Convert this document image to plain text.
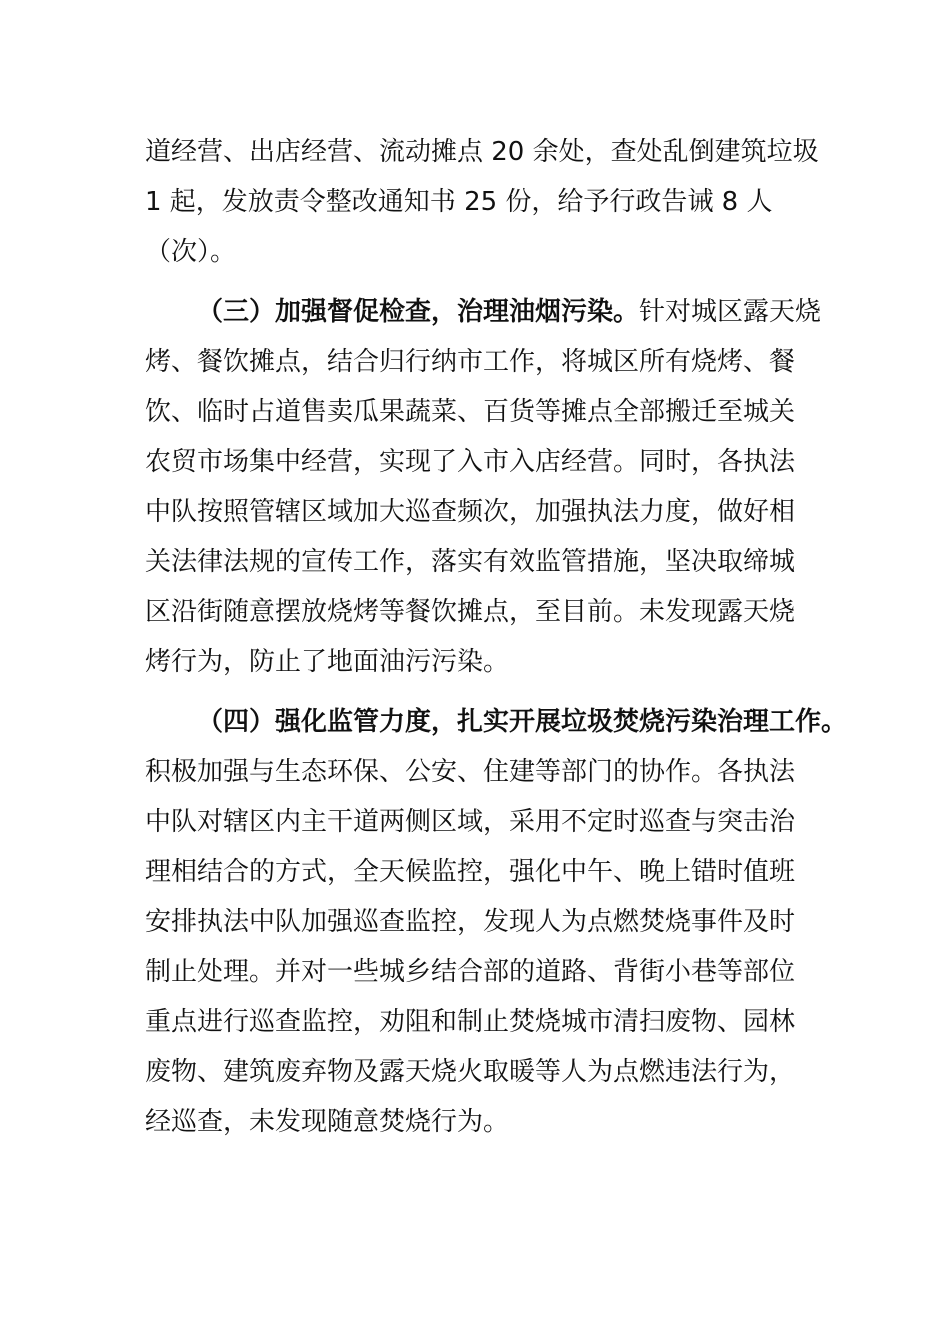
道经营、出店经营、流动摊点 20 余处，查处乱倒建筑垃圾
1 起，发放责令整改通知书 25 份，给予行政告诫 8 人
（次）。
（三）加强督促检查，治理油烟污染。针对城区露天烧
烤、餐饮摊点，结合归行纳市工作，将城区所有烧烤、餐
饮、临时占道售卖瓜果蔬菜、百货等摊点全部搬迁至城关
农贸市场集中经营，实现了入市入店经营。同时，各执法
中队按照管辖区域加大巡查频次，加强执法力度，做好相
关法律法规的宣传工作，落实有效监管措施，坚决取缔城
区沿街随意摆放烧烤等餐饮摊点，至目前。未发现露天烧
烤行为，防止了地面油污污染。
（四）强化监管力度，扎实开展垃圾焚烧污染治理工作。
积极加强与生态环保、公安、住建等部门的协作。各执法
中队对辖区内主干道两侧区域，采用不定时巡查与突击治
理相结合的方式，全天候监控，强化中午、晚上错时值班
安排执法中队加强巡查监控，发现人为点燃焚烧事件及时
制止处理。并对一些城乡结合部的道路、背街小巷等部位
重点进行巡查监控，劝阻和制止焚烧城市清扫废物、园林
废物、建筑废弃物及露天烧火取暖等人为点燃违法行为，
经巡查，未发现随意焚烧行为。
